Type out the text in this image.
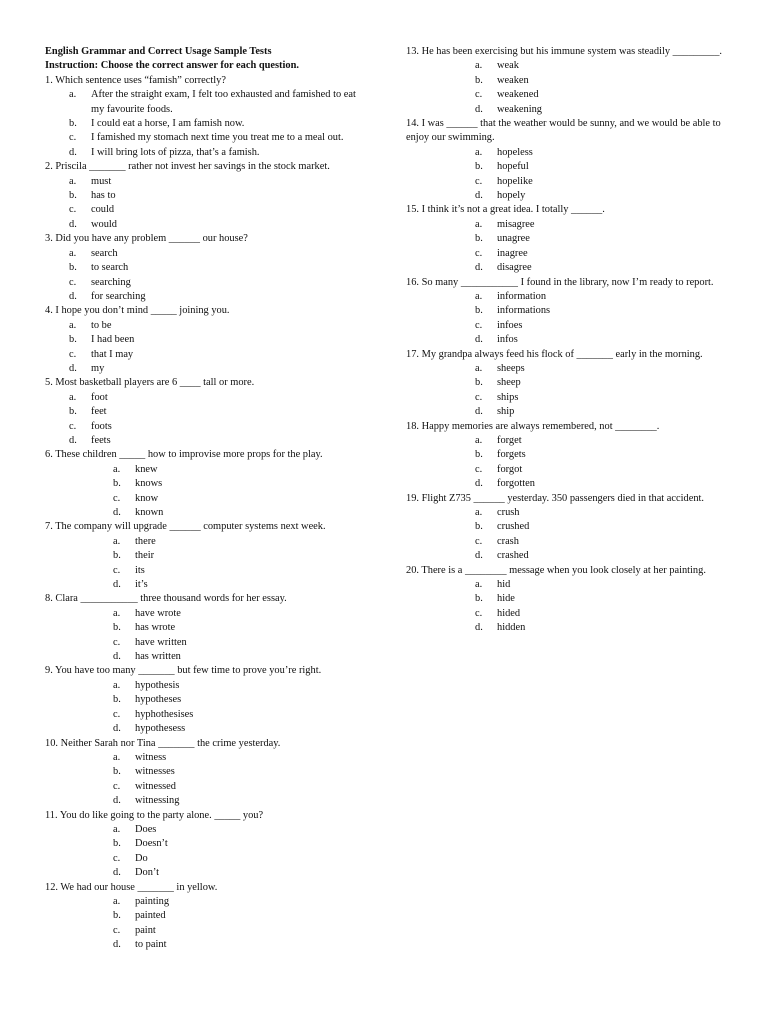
English Grammar and Correct Usage Sample Tests

Instruction: Choose the correct answer for each question.

1. Which sentence uses “famish” correctly?

a.	After the straight exam, I felt too exhausted and famished to eat my favourite foods.
b.	I could eat a horse, I am famish now.
c.	I famished my stomach next time you treat me to a meal out.
d.	I will bring lots of pizza, that’s a famish.

2. Priscila _______ rather not invest her savings in the stock market.

a.	must
b.	has to
c.	could
d.	would

3. Did you have any problem ______ our house?

a.	search
b.	to search
c.	searching
d.	for searching

4. I hope you don’t mind _____ joining you.

a.	to be
b.	I had been
c.	that I may
d.	my

5. Most basketball players are 6 ____ tall or more.

a.	foot
b.	feet
c.	foots
d.	feets

6. These children _____ how to improvise more props for the play.

a. knew
b. knows
c. know
d. known

7. The company will upgrade ______ computer systems next week.

a. there
b. their
c. its
d. it’s

8. Clara ___________ three thousand words for her essay.

a. have wrote
b. has wrote
c. have written
d. has written

9. You have too many _______ but few time to prove you’re right.

a. hypothesis
b. hypotheses
c. hyphothesises
d. hypothesess

10. Neither Sarah nor Tina _______ the crime yesterday.

a. witness
b. witnesses
c. witnessed
d. witnessing

11. You do like going to the party alone. _____ you?

a. Does
b. Doesn’t
c. Do
d. Don’t

12. We had our house _______ in yellow.

a. painting
b. painted
c. paint
d. to paint

13. He has been exercising but his immune system was steadily _________.

a. weak
b. weaken
c. weakened
d. weakening

14. I was ______ that the weather would be sunny, and we would be able to enjoy our swimming.

a. hopeless
b. hopeful
c. hopelike
d. hopely

15. I think it’s not a great idea. I totally ______.

a. misagree
b. unagree
c. inagree
d. disagree

16. So many ___________ I found in the library, now I’m ready to report.

a. information
b. informations
c. infoes
d. infos

17. My grandpa always feed his flock of _______ early in the morning.

a. sheeps
b. sheep
c. ships
d. ship

18. Happy memories are always remembered, not ________.

a. forget
b. forgets
c. forgot
d. forgotten

19. Flight Z735 ______ yesterday. 350 passengers died in that accident.

a. crush
b. crushed
c. crash
d. crashed

20. There is a ________ message when you look closely at her painting.

a. hid
b. hide
c. hided
d. hidden
